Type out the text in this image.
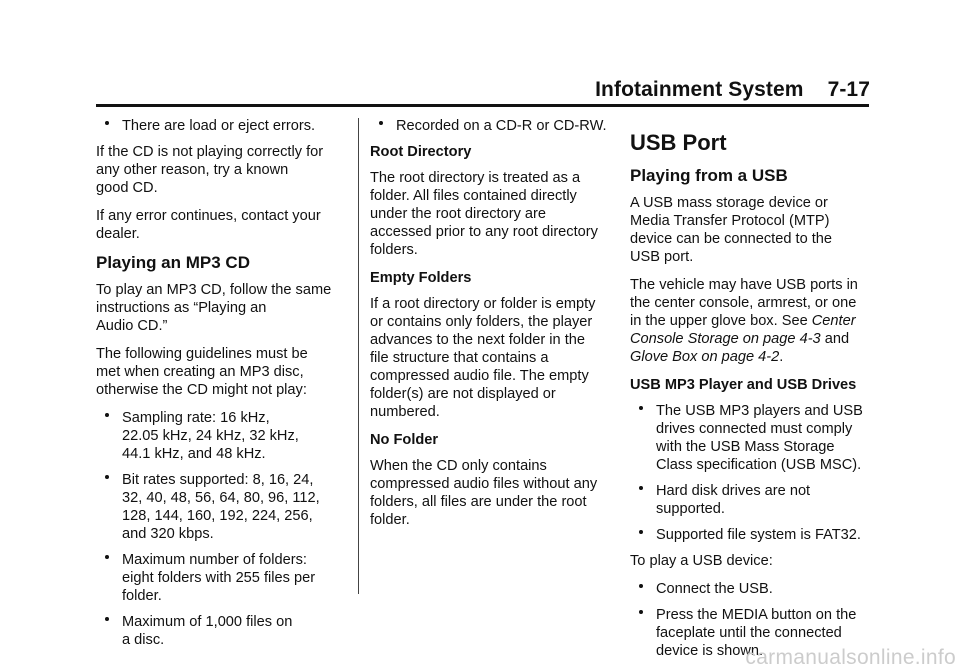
Infotainment System 7-17
There are load or eject errors.

If the CD is not playing correctly for
any other reason, try a known
good CD.

If any error continues, contact your
dealer.

Playing an MP3 CD

To play an MP3 CD, follow the same
instructions as “Playing an
Audio CD.”

The following guidelines must be
met when creating an MP3 disc,
otherwise the CD might not play:

Sampling rate: 16 kHz,
22.05 kHz, 24 kHz, 32 kHz,
44.1 kHz, and 48 kHz.
Bit rates supported: 8, 16, 24,
32, 40, 48, 56, 64, 80, 96, 112,
128, 144, 160, 192, 224, 256,
and 320 kbps.
Maximum number of folders:
eight folders with 255 files per
folder.
Maximum of 1,000 files on
a disc.
Recorded on a CD-R or CD-RW.
Root Directory

The root directory is treated as a
folder. All files contained directly
under the root directory are
accessed prior to any root directory
folders.

Empty Folders

If a root directory or folder is empty
or contains only folders, the player
advances to the next folder in the
file structure that contains a
compressed audio file. The empty
folder(s) are not displayed or
numbered.

No Folder

When the CD only contains
compressed audio files without any
folders, all files are under the root
folder.

USB Port
Playing from a USB

A USB mass storage device or
Media Transfer Protocol (MTP)
device can be connected to the
USB port.

The vehicle may have USB ports in
the center console, armrest, or one
in the upper glove box. See Center
Console Storage on page 4-3 and
Glove Box on page 4-2.

USB MP3 Player and USB Drives
The USB MP3 players and USB
drives connected must comply
with the USB Mass Storage
Class specification (USB MSC).
Hard disk drives are not
supported.
Supported file system is FAT32.

To play a USB device:

Connect the USB.
Press the MEDIA button on the
faceplate until the connected
device is shown.
carmanualsonline.info
